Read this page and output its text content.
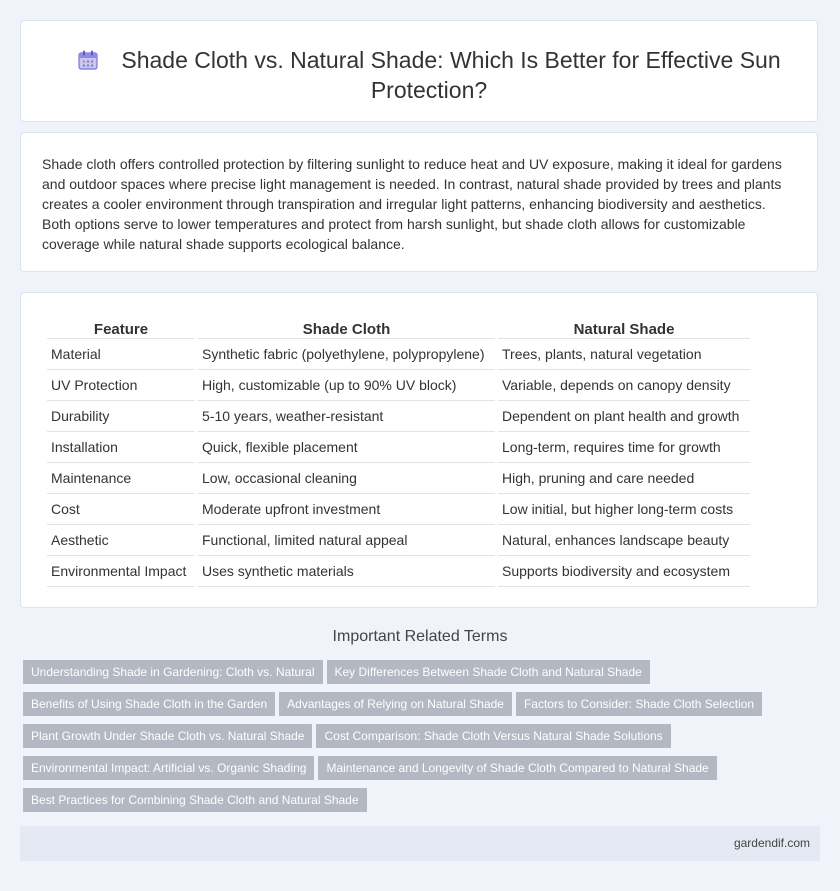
Shade Cloth vs. Natural Shade: Which Is Better for Effective Sun Protection?

Shade cloth offers controlled protection by filtering sunlight to reduce heat and UV exposure, making it ideal for gardens and outdoor spaces where precise light management is needed. In contrast, natural shade provided by trees and plants creates a cooler environment through transpiration and irregular light patterns, enhancing biodiversity and aesthetics. Both options serve to lower temperatures and protect from harsh sunlight, but shade cloth allows for customizable coverage while natural shade supports ecological balance.

Feature	Shade Cloth	Natural Shade
Material	Synthetic fabric (polyethylene, polypropylene)	Trees, plants, natural vegetation
UV Protection	High, customizable (up to 90% UV block)	Variable, depends on canopy density
Durability	5-10 years, weather-resistant	Dependent on plant health and growth
Installation	Quick, flexible placement	Long-term, requires time for growth
Maintenance	Low, occasional cleaning	High, pruning and care needed
Cost	Moderate upfront investment	Low initial, but higher long-term costs
Aesthetic	Functional, limited natural appeal	Natural, enhances landscape beauty
Environmental Impact	Uses synthetic materials	Supports biodiversity and ecosystem
Important Related Terms
Understanding Shade in Gardening: Cloth vs. Natural Key Differences Between Shade Cloth and Natural Shade
Benefits of Using Shade Cloth in the Garden Advantages of Relying on Natural Shade Factors to Consider: Shade Cloth Selection
Plant Growth Under Shade Cloth vs. Natural Shade Cost Comparison: Shade Cloth Versus Natural Shade Solutions
Environmental Impact: Artificial vs. Organic Shading Maintenance and Longevity of Shade Cloth Compared to Natural Shade
Best Practices for Combining Shade Cloth and Natural Shade
gardendif.com
